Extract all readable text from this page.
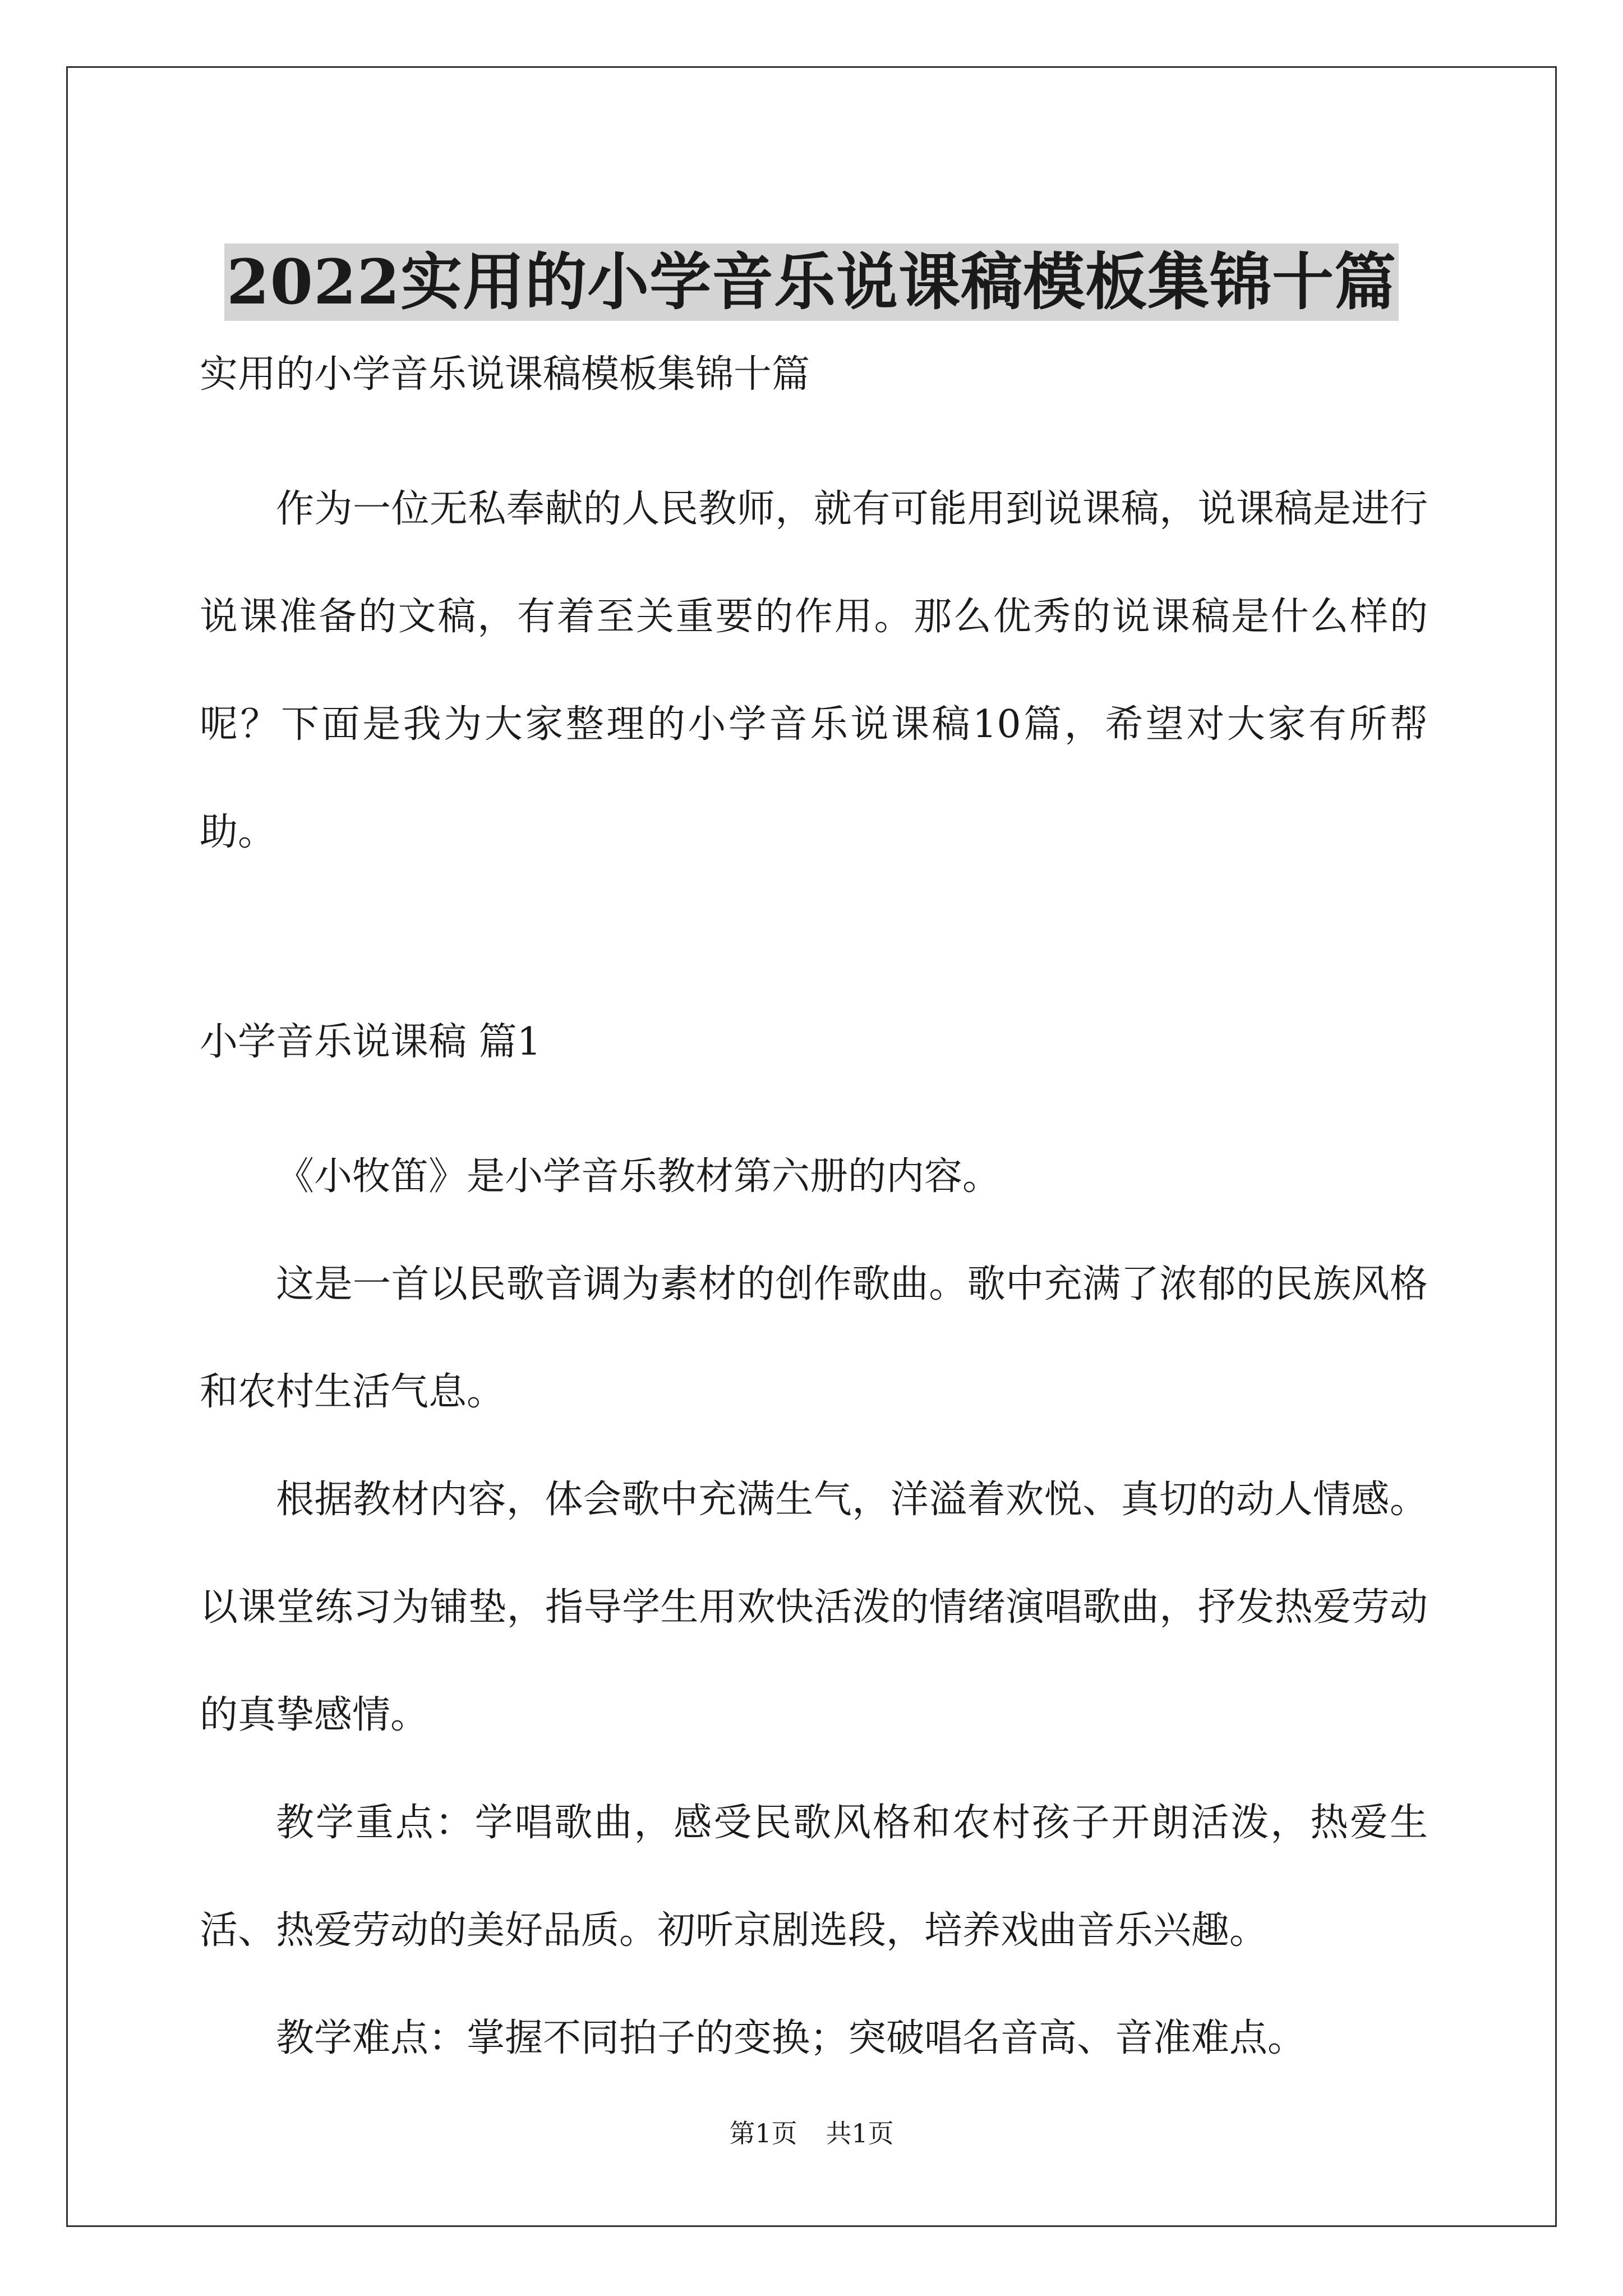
2022实用的小学音乐说课稿模板集锦十篇

实用的小学音乐说课稿模板集锦十篇

作为一位无私奉献的人民教师，就有可能用到说课稿，说课稿是进行说课准备的文稿，有着至关重要的作用。那么优秀的说课稿是什么样的呢？下面是我为大家整理的小学音乐说课稿10篇，希望对大家有所帮助。

小学音乐说课稿 篇1

《小牧笛》是小学音乐教材第六册的内容。

这是一首以民歌音调为素材的创作歌曲。歌中充满了浓郁的民族风格和农村生活气息。

根据教材内容，体会歌中充满生气，洋溢着欢悦、真切的动人情感。以课堂练习为铺垫，指导学生用欢快活泼的情绪演唱歌曲，抒发热爱劳动的真挚感情。

教学重点：学唱歌曲，感受民歌风格和农村孩子开朗活泼，热爱生活、热爱劳动的美好品质。初听京剧选段，培养戏曲音乐兴趣。

教学难点：掌握不同拍子的变换；突破唱名音高、音准难点。

第1页 共1页
